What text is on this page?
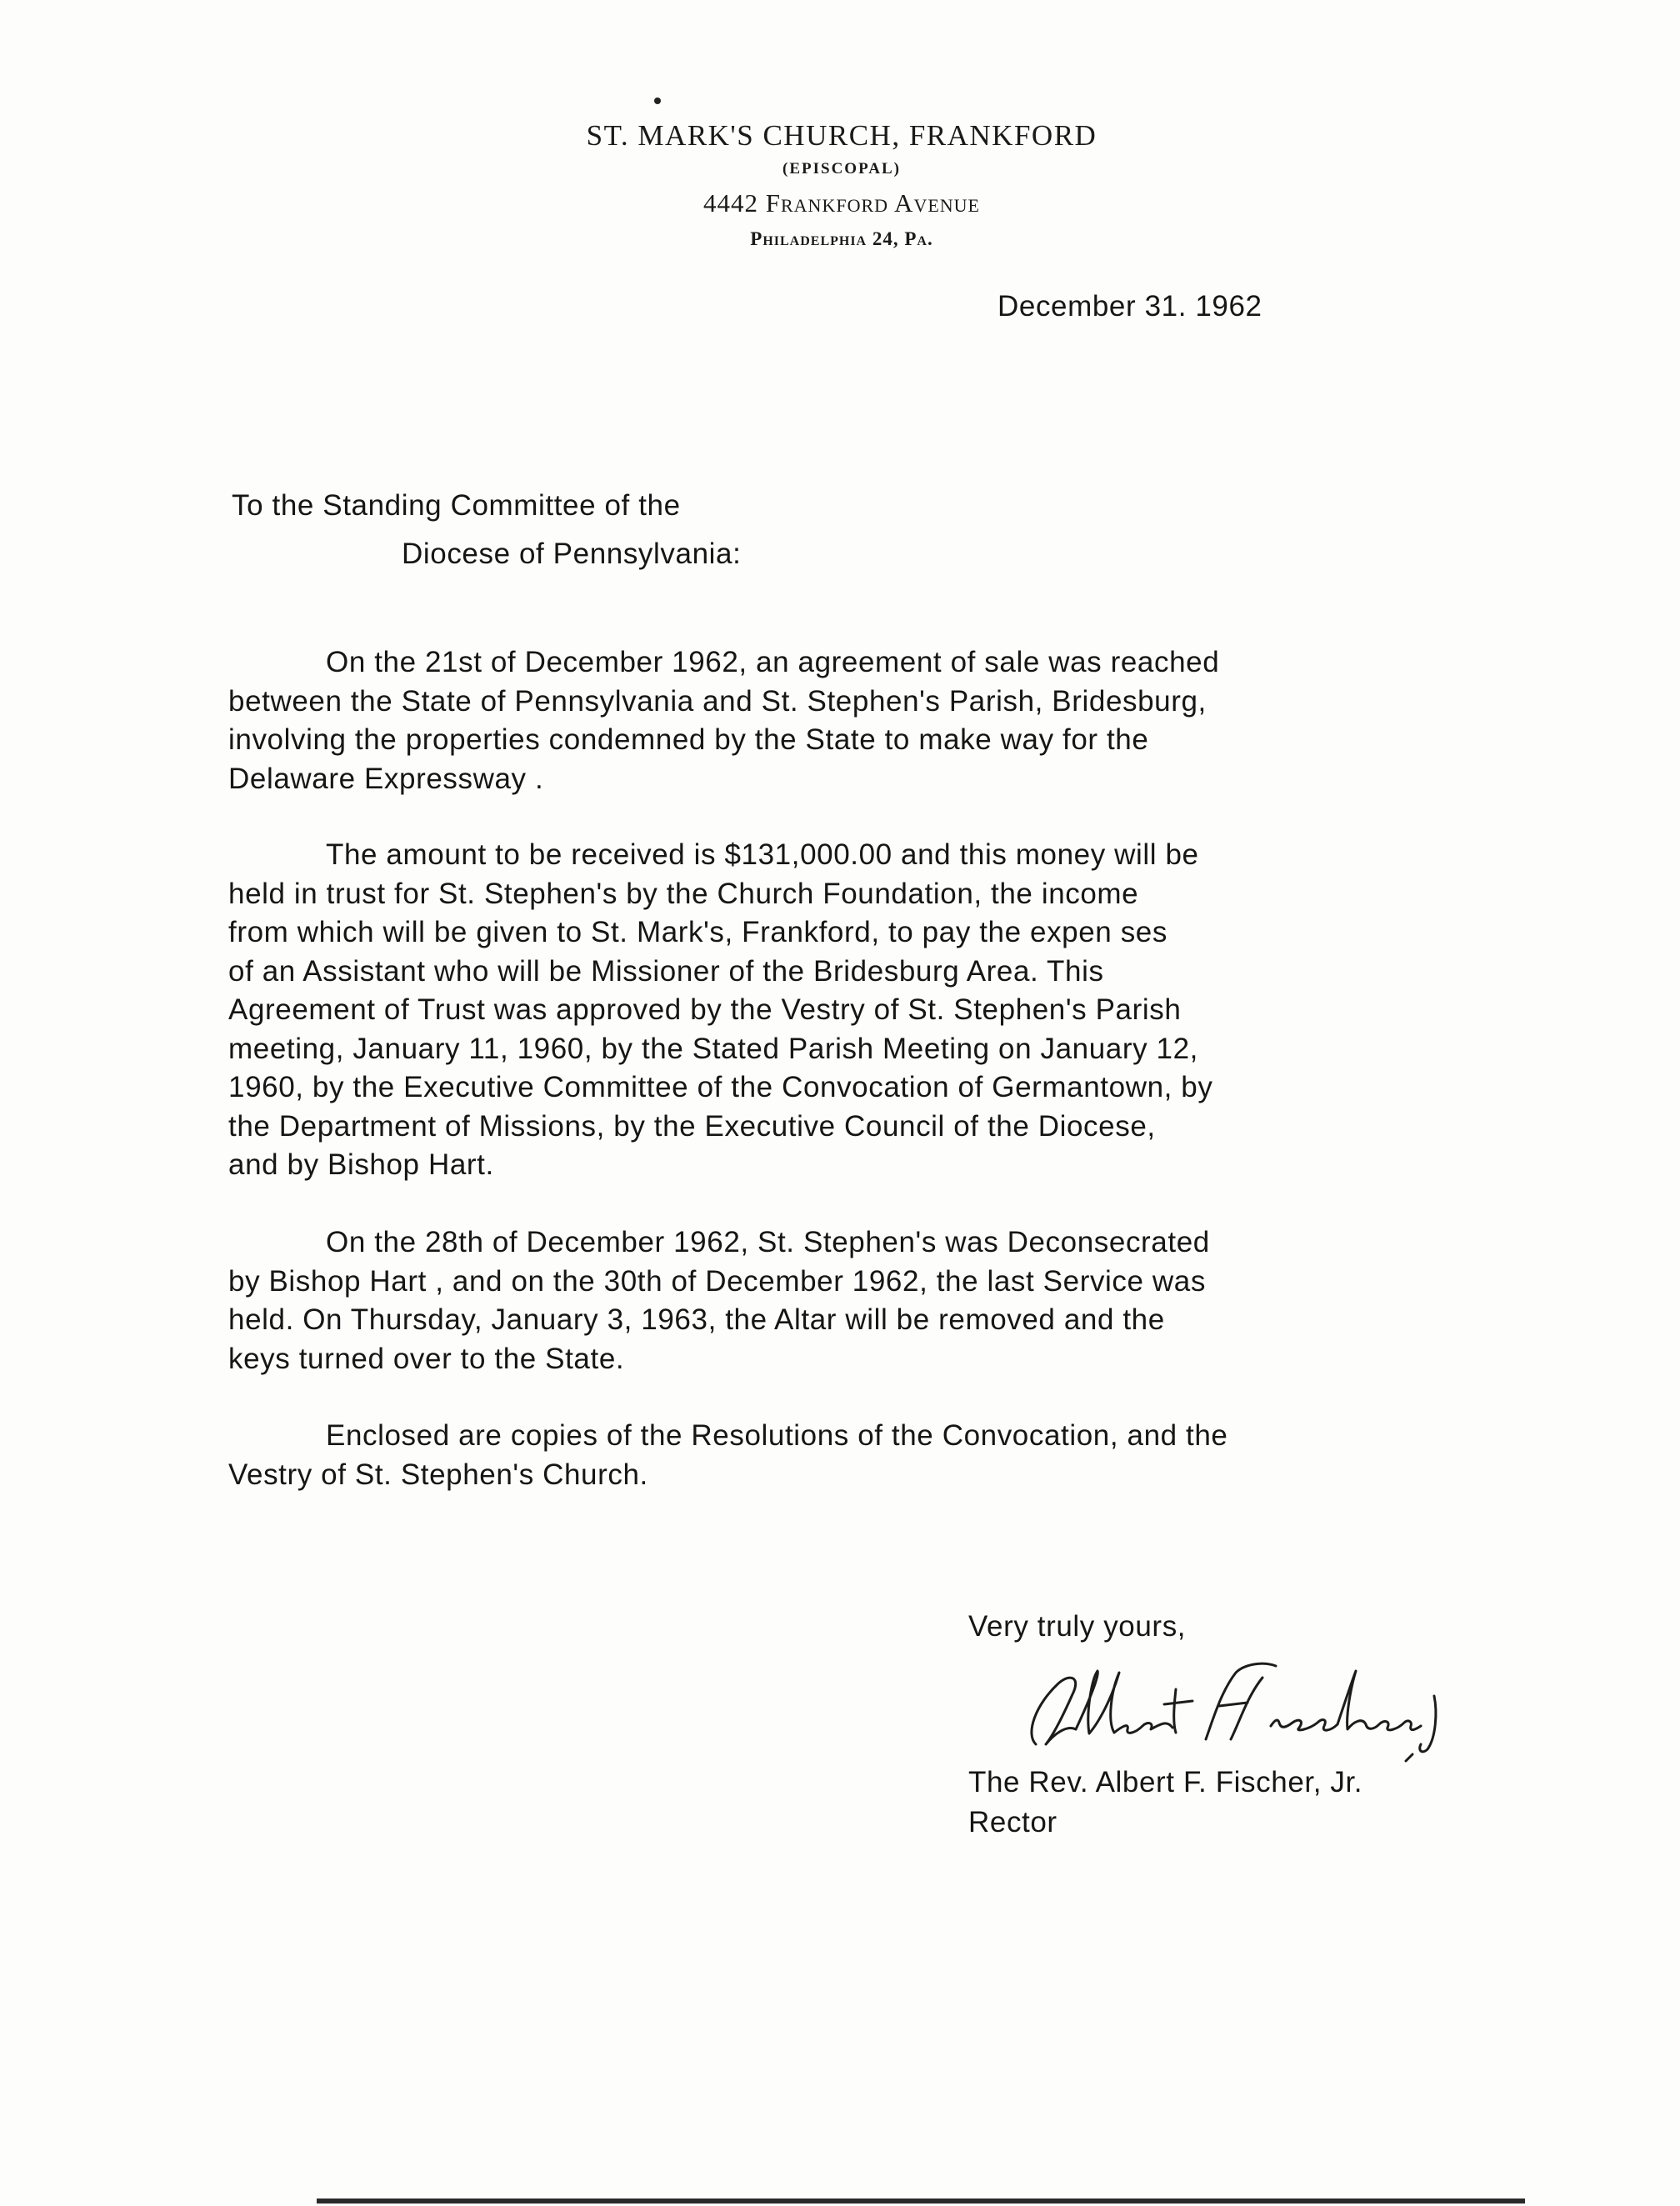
ST. MARK'S CHURCH, FRANKFORD
(EPISCOPAL)
4442 Frankford Avenue
Philadelphia 24, Pa.
December 31. 1962
To the Standing Committee of the
Diocese of Pennsylvania:
On the 21st of December 1962, an agreement of sale was reached
between the State of Pennsylvania and St. Stephen's Parish, Bridesburg,
involving the properties condemned by the State to make way for the
Delaware Expressway .
The amount to be received is $131,000.00 and this money will be
held in trust for St. Stephen's by the Church Foundation, the income
from which will be given to St. Mark's, Frankford, to pay the expen ses
of an Assistant who will be Missioner of the Bridesburg Area. This
Agreement of Trust was approved by the Vestry of St. Stephen's Parish
meeting, January 11, 1960, by the Stated Parish Meeting on January 12,
1960, by the Executive Committee of the Convocation of Germantown, by
the Department of Missions, by the Executive Council of the Diocese,
and by Bishop Hart.
On the 28th of December 1962, St. Stephen's was Deconsecrated
by Bishop Hart , and on the 30th of December 1962, the last Service was
held. On Thursday, January 3, 1963, the Altar will be removed and the
keys turned over to the State.
Enclosed are copies of the Resolutions of the Convocation, and the
Vestry of St. Stephen's Church.
Very truly yours,
The Rev. Albert F. Fischer, Jr.
Rector
